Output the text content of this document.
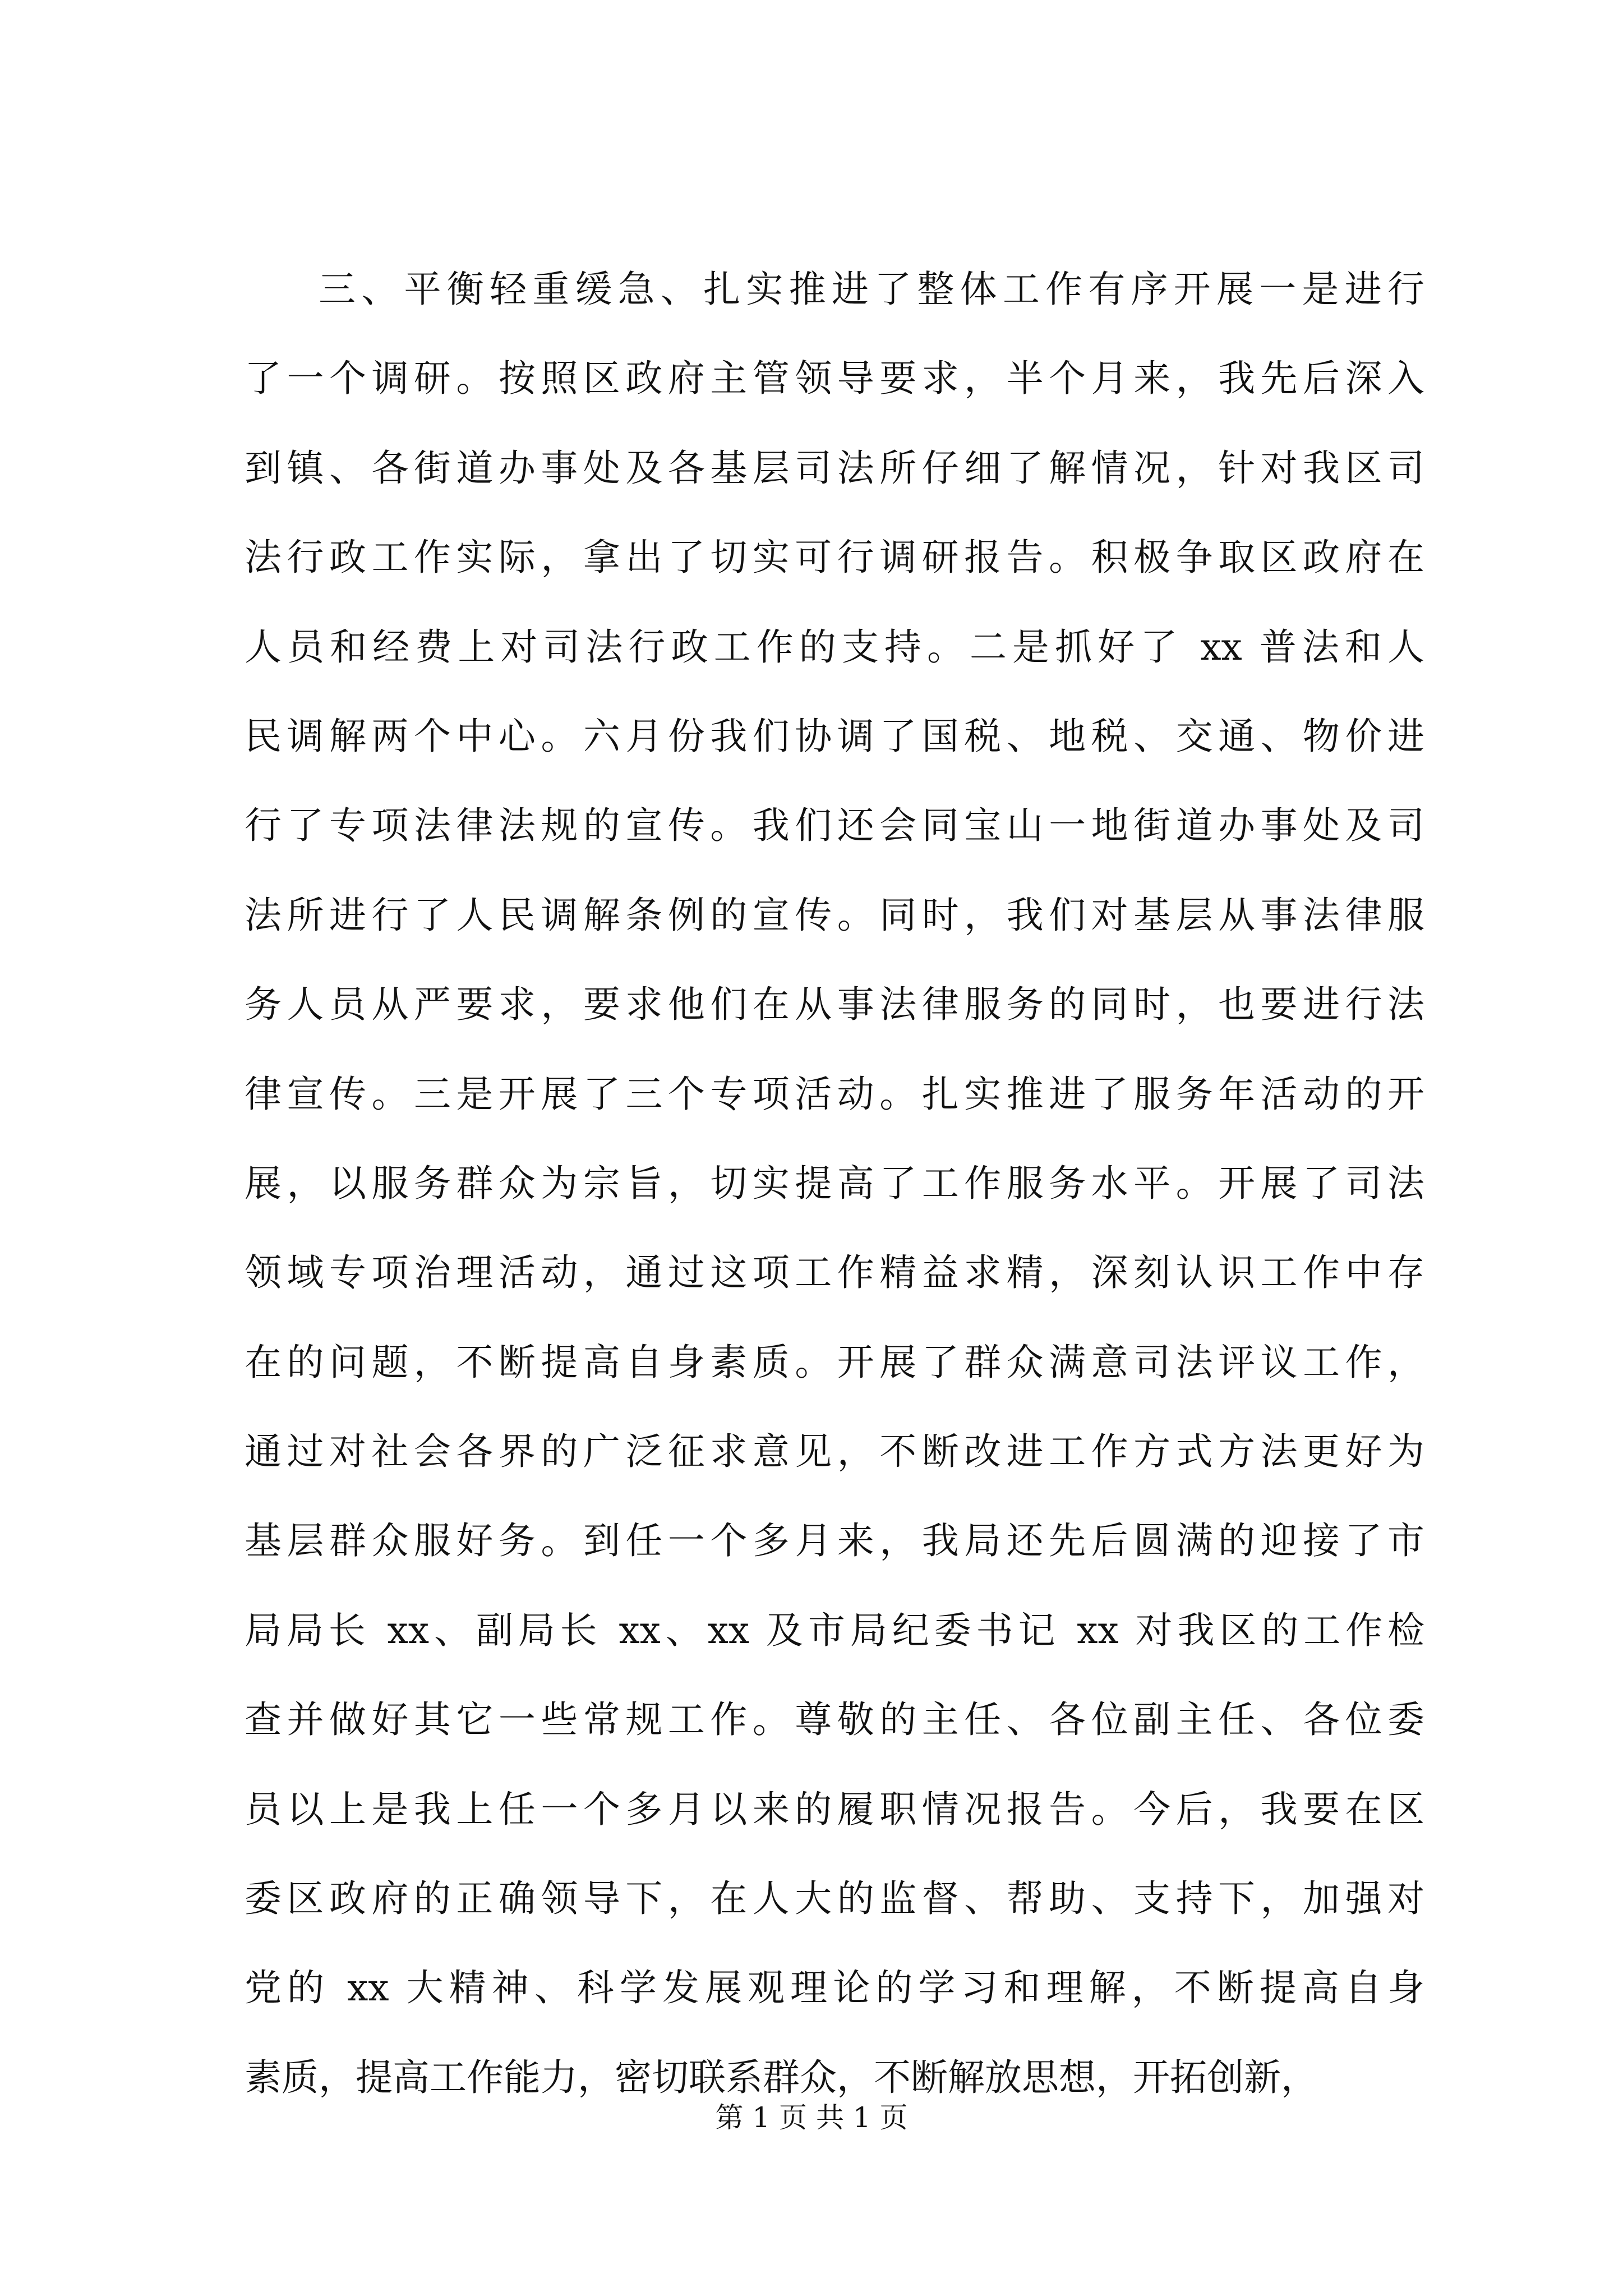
三、平衡轻重缓急、扎实推进了整体工作有序开展一是进行
了一个调研。按照区政府主管领导要求，半个月来，我先后深入
到镇、各街道办事处及各基层司法所仔细了解情况，针对我区司
法行政工作实际，拿出了切实可行调研报告。积极争取区政府在
人员和经费上对司法行政工作的支持。二是抓好了 xx 普法和人
民调解两个中心。六月份我们协调了国税、地税、交通、物价进
行了专项法律法规的宣传。我们还会同宝山一地街道办事处及司
法所进行了人民调解条例的宣传。同时，我们对基层从事法律服
务人员从严要求，要求他们在从事法律服务的同时，也要进行法
律宣传。三是开展了三个专项活动。扎实推进了服务年活动的开
展，以服务群众为宗旨，切实提高了工作服务水平。开展了司法
领域专项治理活动，通过这项工作精益求精，深刻认识工作中存
在的问题，不断提高自身素质。开展了群众满意司法评议工作，
通过对社会各界的广泛征求意见，不断改进工作方式方法更好为
基层群众服好务。到任一个多月来，我局还先后圆满的迎接了市
局局长 xx、副局长 xx、xx 及市局纪委书记 xx 对我区的工作检
查并做好其它一些常规工作。尊敬的主任、各位副主任、各位委
员以上是我上任一个多月以来的履职情况报告。今后，我要在区
委区政府的正确领导下，在人大的监督、帮助、支持下，加强对
党的 xx 大精神、科学发展观理论的学习和理解，不断提高自身
素质，提高工作能力，密切联系群众，不断解放思想，开拓创新，
第 1 页 共 1 页
